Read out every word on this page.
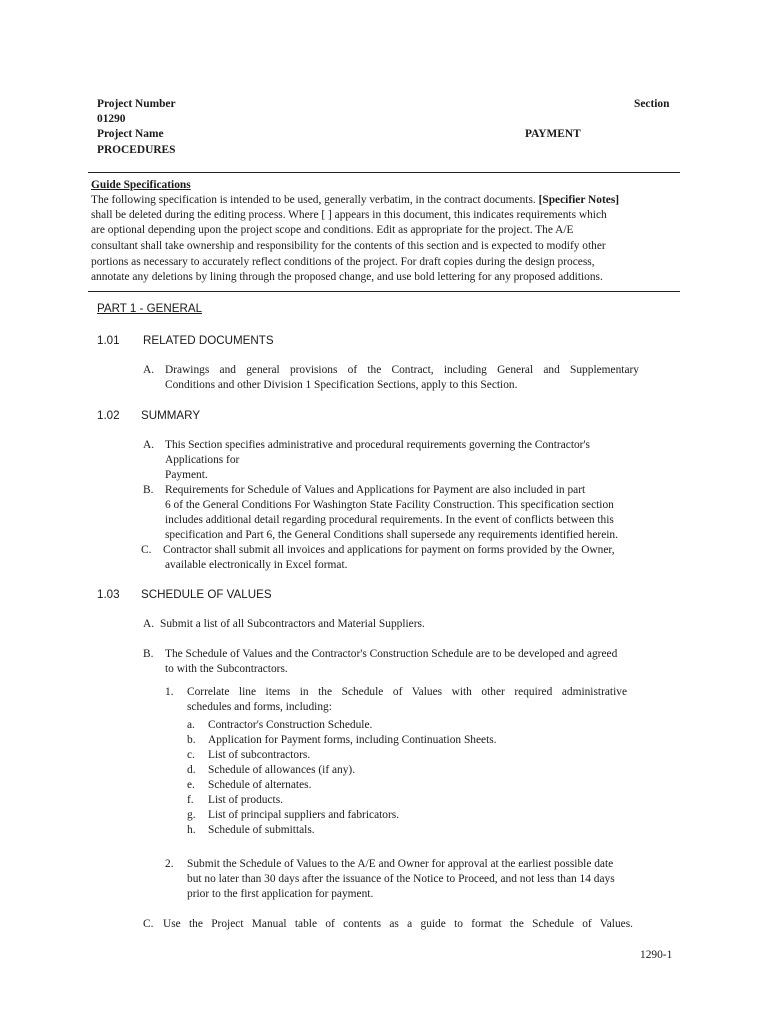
Project Number	Section
01290
Project Name	PAYMENT
PROCEDURES
Guide Specifications
The following specification is intended to be used, generally verbatim, in the contract documents. [Specifier Notes]
shall be deleted during the editing process. Where [ ] appears in this document, this indicates requirements which
are optional depending upon the project scope and conditions. Edit as appropriate for the project. The A/E
consultant shall take ownership and responsibility for the contents of this section and is expected to modify other
portions as necessary to accurately reflect conditions of the project. For draft copies during the design process,
annotate any deletions by lining through the proposed change, and use bold lettering for any proposed additions.
PART 1 - GENERAL
1.01 RELATED DOCUMENTS
A. Drawings and general provisions of the Contract, including General and Supplementary
Conditions and other Division 1 Specification Sections, apply to this Section.
1.02 SUMMARY
A. This Section specifies administrative and procedural requirements governing the Contractor's
Applications for
Payment.
B. Requirements for Schedule of Values and Applications for Payment are also included in part
6 of the General Conditions For Washington State Facility Construction. This specification section
includes additional detail regarding procedural requirements. In the event of conflicts between this
specification and Part 6, the General Conditions shall supersede any requirements identified herein.
C. Contractor shall submit all invoices and applications for payment on forms provided by the Owner,
available electronically in Excel format.
1.03 SCHEDULE OF VALUES
A. Submit a list of all Subcontractors and Material Suppliers.
B. The Schedule of Values and the Contractor's Construction Schedule are to be developed and agreed
to with the Subcontractors.
1. Correlate line items in the Schedule of Values with other required administrative
schedules and forms, including:
a. Contractor's Construction Schedule.
b. Application for Payment forms, including Continuation Sheets.
c. List of subcontractors.
d. Schedule of allowances (if any).
e. Schedule of alternates.
f. List of products.
g. List of principal suppliers and fabricators.
h. Schedule of submittals.
2. Submit the Schedule of Values to the A/E and Owner for approval at the earliest possible date
but no later than 30 days after the issuance of the Notice to Proceed, and not less than 14 days
prior to the first application for payment.
C. Use the Project Manual table of contents as a guide to format the Schedule of Values.
1290-1
